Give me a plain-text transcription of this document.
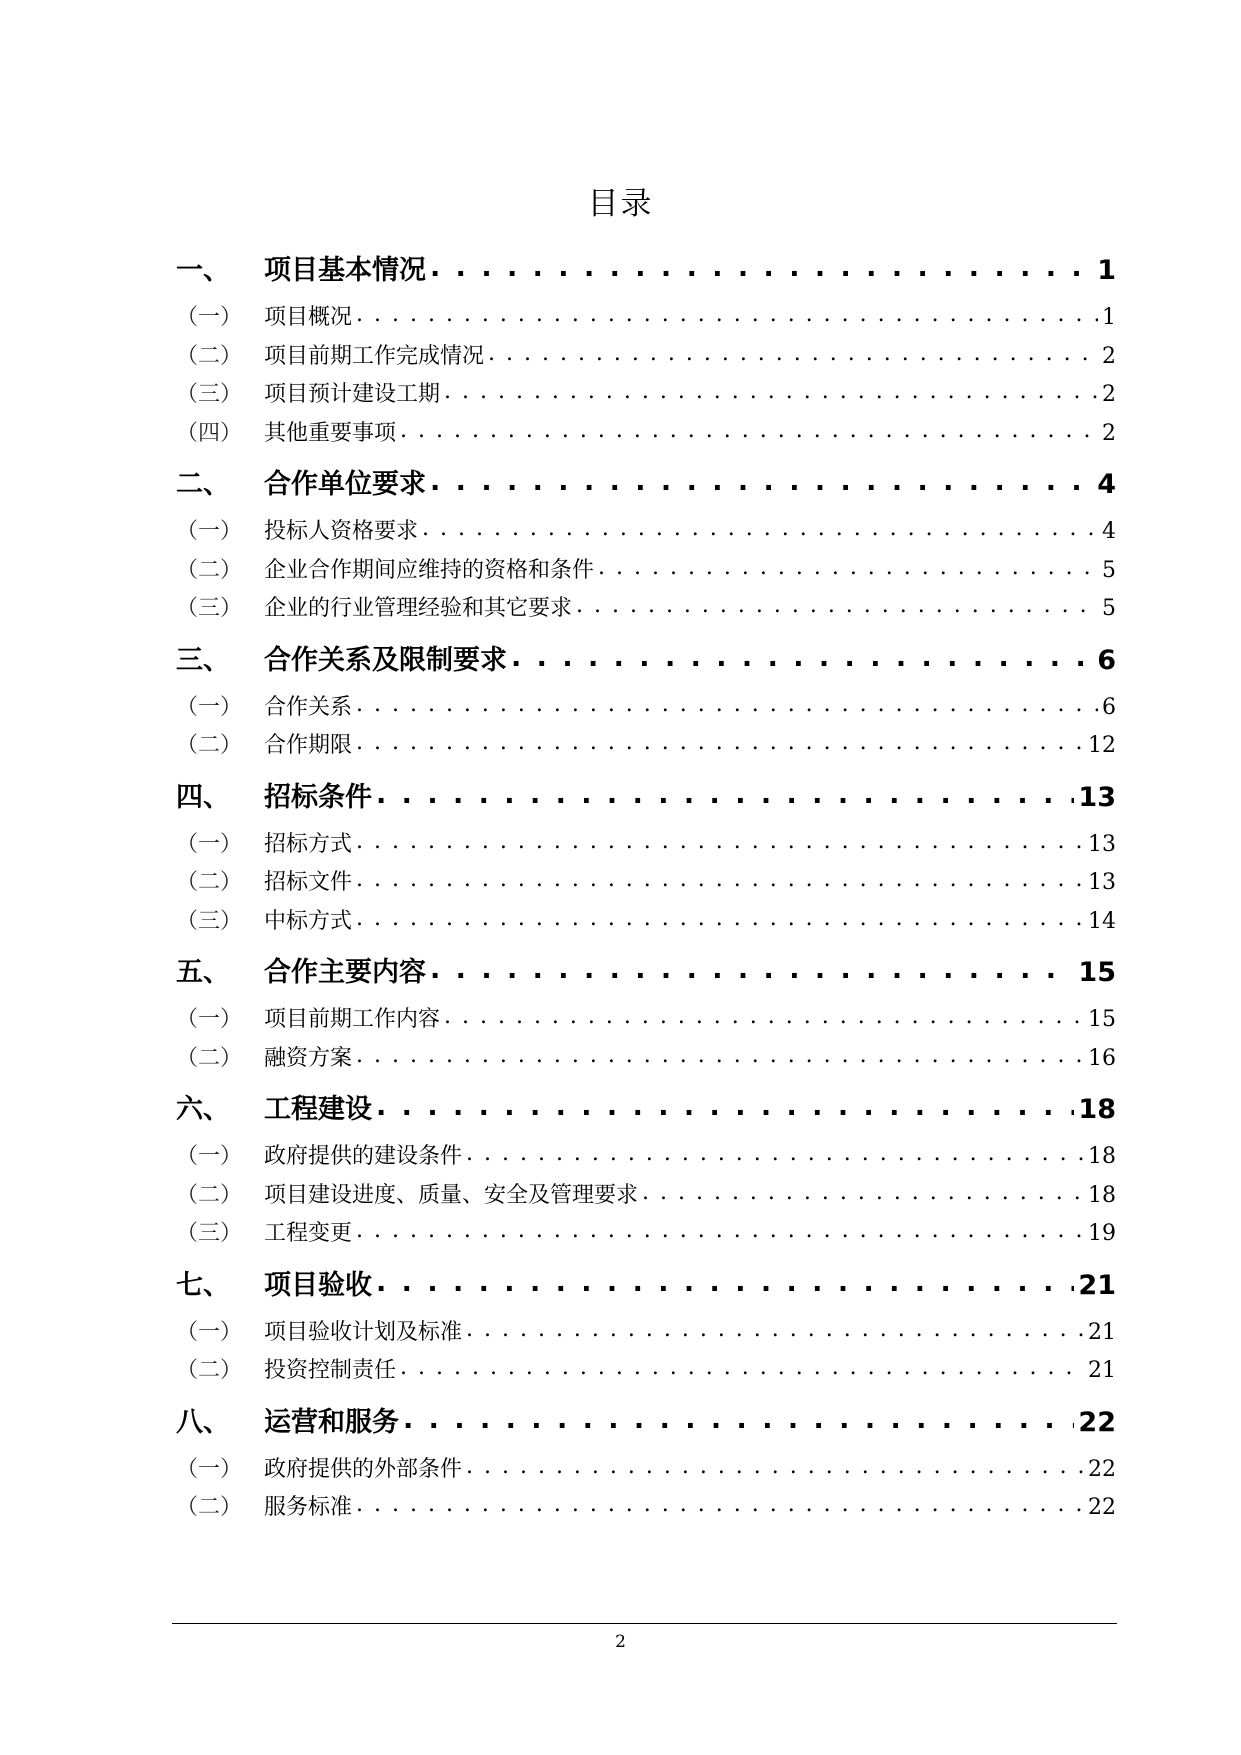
目录
一、	项目基本情况 . . .	1
（一） 项目概况 . . .	1
（二） 项目前期工作完成情况 . . .	2
（三） 项目预计建设工期 . . .	2
（四） 其他重要事项 . . .	2
二、	合作单位要求 . . .	4
（一） 投标人资格要求 . . .	4
（二） 企业合作期间应维持的资格和条件 . . .	5
（三） 企业的行业管理经验和其它要求 . . .	5
三、	合作关系及限制要求 . . .	6
（一） 合作关系 . . .	6
（二） 合作期限 . . .	12
四、	招标条件 . . .	13
（一） 招标方式 . . .	13
（二） 招标文件 . . .	13
（三） 中标方式 . . .	14
五、	合作主要内容 . . .	15
（一） 项目前期工作内容 . . .	15
（二） 融资方案 . . .	16
六、	工程建设 . . .	18
（一） 政府提供的建设条件 . . .	18
（二） 项目建设进度、质量、安全及管理要求 . . .	18
（三） 工程变更 . . .	19
七、	项目验收 . . .	21
（一） 项目验收计划及标准 . . .	21
（二） 投资控制责任 . . .	21
八、	运营和服务 . . .	22
（一） 政府提供的外部条件 . . .	22
（二） 服务标准 . . .	22
2
